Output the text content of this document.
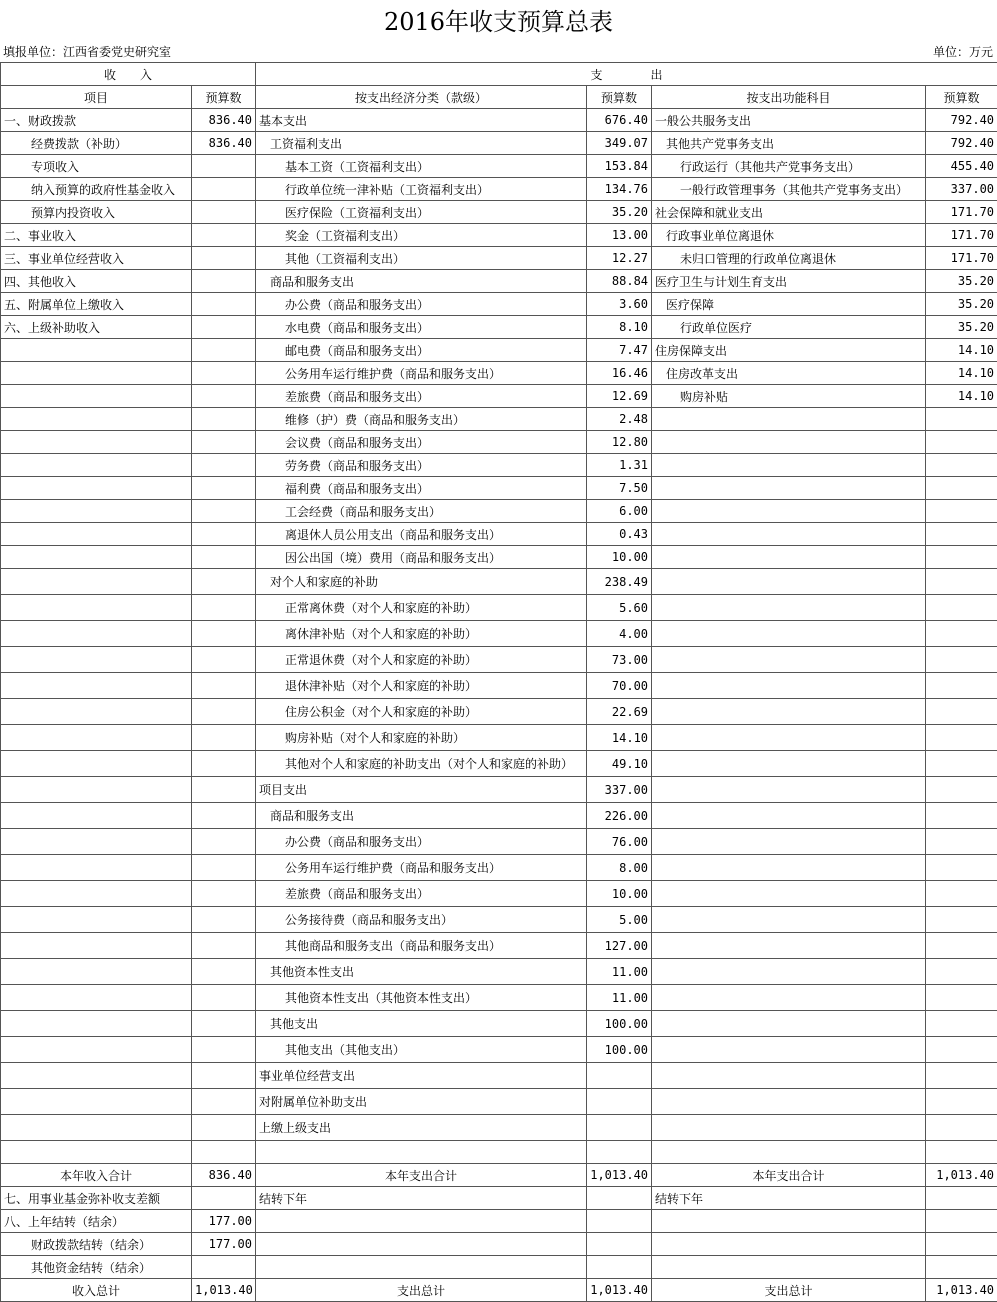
2016年收支预算总表
填报单位：江西省委党史研究室	单位：万元
收　　入		支　　　　出			
项目	预算数	按支出经济分类（款级）	预算数	按支出功能科目	预算数
一、财政拨款	836.40	基本支出	676.40	一般公共服务支出	792.40
经费拨款（补助）	836.40	工资福利支出	349.07	其他共产党事务支出	792.40
专项收入		基本工资（工资福利支出）	153.84	行政运行（其他共产党事务支出）	455.40
纳入预算的政府性基金收入		行政单位统一津补贴（工资福利支出）	134.76	一般行政管理事务（其他共产党事务支出）	337.00
预算内投资收入		医疗保险（工资福利支出）	35.20	社会保障和就业支出	171.70
二、事业收入		奖金（工资福利支出）	13.00	行政事业单位离退休	171.70
三、事业单位经营收入		其他（工资福利支出）	12.27	未归口管理的行政单位离退休	171.70
四、其他收入		商品和服务支出	88.84	医疗卫生与计划生育支出	35.20
五、附属单位上缴收入		办公费（商品和服务支出）	3.60	医疗保障	35.20
六、上级补助收入		水电费（商品和服务支出）	8.10	行政单位医疗	35.20
		邮电费（商品和服务支出）	7.47	住房保障支出	14.10
		公务用车运行维护费（商品和服务支出）	16.46	住房改革支出	14.10
		差旅费（商品和服务支出）	12.69	购房补贴	14.10
		维修（护）费（商品和服务支出）	2.48		
		会议费（商品和服务支出）	12.80		
		劳务费（商品和服务支出）	1.31		
		福利费（商品和服务支出）	7.50		
		工会经费（商品和服务支出）	6.00		
		离退休人员公用支出（商品和服务支出）	0.43		
		因公出国（境）费用（商品和服务支出）	10.00		
		对个人和家庭的补助	238.49		
		正常离休费（对个人和家庭的补助）	5.60		
		离休津补贴（对个人和家庭的补助）	4.00		
		正常退休费（对个人和家庭的补助）	73.00		
		退休津补贴（对个人和家庭的补助）	70.00		
		住房公积金（对个人和家庭的补助）	22.69		
		购房补贴（对个人和家庭的补助）	14.10		
		其他对个人和家庭的补助支出（对个人和家庭的补助）	49.10		
		项目支出	337.00		
		商品和服务支出	226.00		
		办公费（商品和服务支出）	76.00		
		公务用车运行维护费（商品和服务支出）	8.00		
		差旅费（商品和服务支出）	10.00		
		公务接待费（商品和服务支出）	5.00		
		其他商品和服务支出（商品和服务支出）	127.00		
		其他资本性支出	11.00		
		其他资本性支出（其他资本性支出）	11.00		
		其他支出	100.00		
		其他支出（其他支出）	100.00		
		事业单位经营支出			
		对附属单位补助支出			
		上缴上级支出			

本年收入合计	836.40	本年支出合计	1,013.40	本年支出合计	1,013.40
七、用事业基金弥补收支差额		结转下年		结转下年	
八、上年结转（结余）	177.00				
财政拨款结转（结余）	177.00				
其他资金结转（结余）					
收入总计	1,013.40	支出总计	1,013.40	支出总计	1,013.40
